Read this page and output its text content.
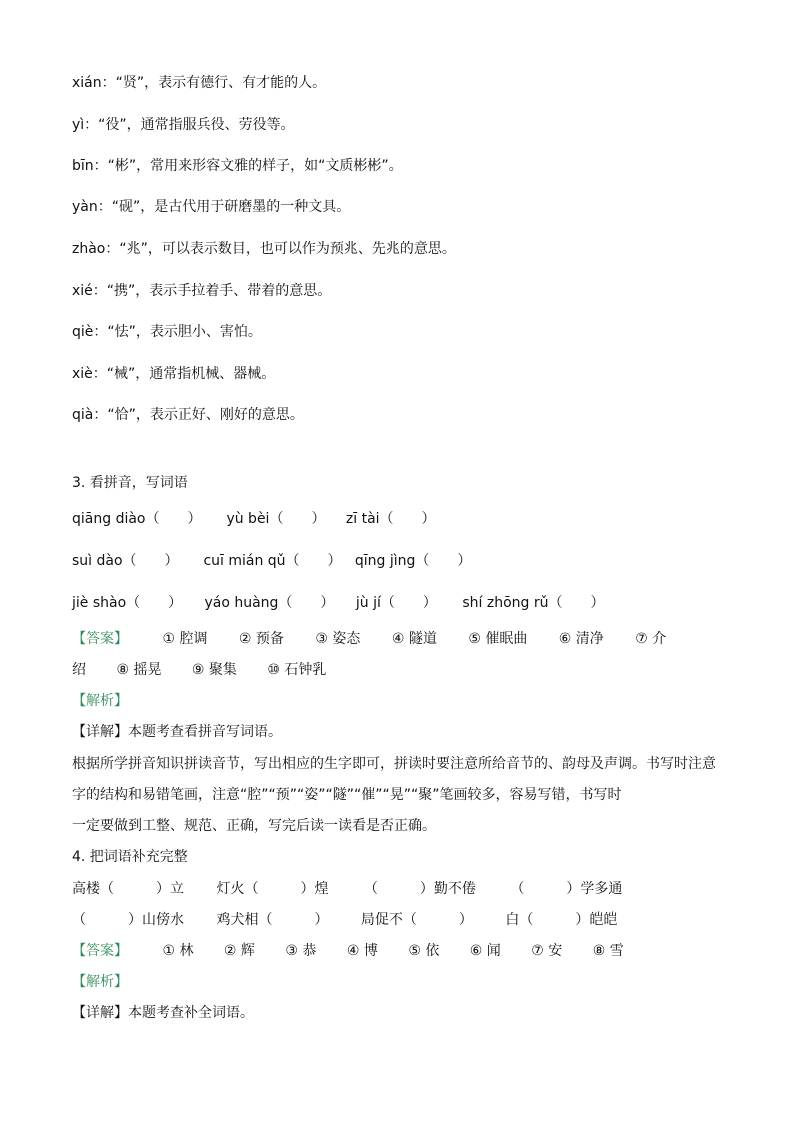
xián：“贤”，表示有德行、有才能的人。
yì：“役”，通常指服兵役、劳役等。
bīn：“彬”，常用来形容文雅的样子，如“文质彬彬”。
yàn：“砚”，是古代用于研磨墨的一种文具。
zhào：“兆”，可以表示数目，也可以作为预兆、先兆的意思。
xié：“携”，表示手拉着手、带着的意思。
qiè：“怯”，表示胆小、害怕。
xiè：“械”，通常指机械、器械。
qià：“恰”，表示正好、刚好的意思。
3. 看拼音，写词语
qiāng diào（　　） yù bèi（　　） zī tài（　　）
suì dào（　　） cuī mián qǔ（　　） qīng jìng（　　）
jiè shào（　　） yáo huàng（　　） jù jí（　　） shí zhōng rǔ（　　）
【答案】 ① 腔调 ② 预备 ③ 姿态 ④ 隧道 ⑤ 催眠曲 ⑥ 清净 ⑦ 介
绍 ⑧ 摇晃 ⑨ 聚集 ⑩ 石钟乳
【解析】
【详解】本题考查看拼音写词语。
根据所学拼音知识拼读音节，写出相应的生字即可，拼读时要注意所给音节的、韵母及声调。书写时注意
字的结构和易错笔画，注意“腔”“预”“姿”“隧”“催”“晃”“聚”笔画较多，容易写错，书写时
一定要做到工整、规范、正确，写完后读一读看是否正确。
4. 把词语补充完整
高楼（　　　）立 灯火（　　　）煌	（　　　）勤不倦 （　　　）学多通
（　　　）山傍水 鸡犬相（　　　） 局促不（　　　） 白（　　　）皑皑
【答案】 ① 林 ② 辉 ③ 恭 ④ 博 ⑤ 依 ⑥ 闻 ⑦ 安 ⑧ 雪
【解析】
【详解】本题考查补全词语。
